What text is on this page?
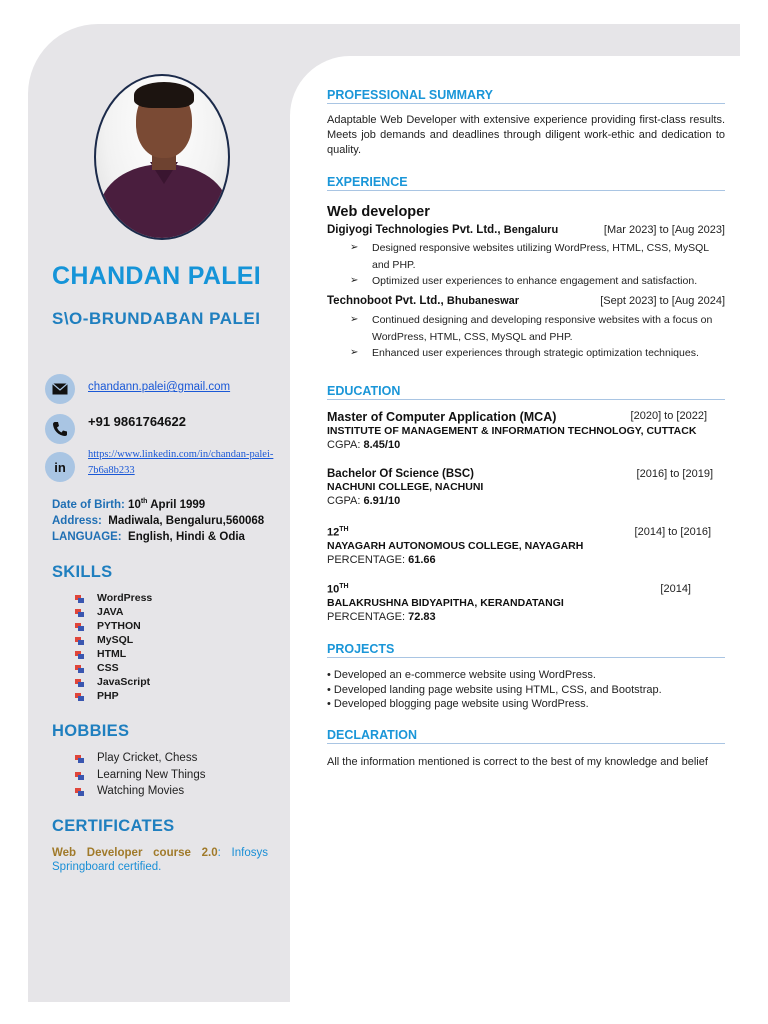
CHANDAN PALEI
S\O-BRUNDABAN PALEI
chandann.palei@gmail.com
+91 9861764622
in
https://www.linkedin.com/in/chandan-palei-7b6a8b233
Date of Birth: 10th April 1999
Address: Madiwala, Bengaluru,560068
LANGUAGE: English, Hindi & Odia
SKILLS
WordPress
JAVA
PYTHON
MySQL
HTML
CSS
JavaScript
PHP
HOBBIES
Play Cricket, Chess
Learning New Things
Watching Movies
CERTIFICATES
Web Developer course 2.0: Infosys Springboard certified.
PROFESSIONAL SUMMARY
Adaptable Web Developer with extensive experience providing first-class results. Meets job demands and deadlines through diligent work-ethic and dedication to quality.
EXPERIENCE
Web developer
Digiyogi Technologies Pvt. Ltd., Bengaluru	[Mar 2023] to [Aug 2023]
➢	Designed responsive websites utilizing WordPress, HTML, CSS, MySQL and PHP.
➢	Optimized user experiences to enhance engagement and satisfaction.
Technoboot Pvt. Ltd., Bhubaneswar	[Sept 2023] to [Aug 2024]
➢	Continued designing and developing responsive websites with a focus on WordPress, HTML, CSS, MySQL and PHP.
➢	Enhanced user experiences through strategic optimization techniques.
EDUCATION
Master of Computer Application (MCA)	[2020] to [2022]
INSTITUTE OF MANAGEMENT & INFORMATION TECHNOLOGY, CUTTACK
CGPA: 8.45/10
Bachelor Of Science (BSC)	[2016] to [2019]
NACHUNI COLLEGE, NACHUNI
CGPA: 6.91/10
12TH	[2014] to [2016]
NAYAGARH AUTONOMOUS COLLEGE, NAYAGARH
PERCENTAGE: 61.66
10TH	[2014]
BALAKRUSHNA BIDYAPITHA, KERANDATANGI
PERCENTAGE: 72.83
PROJECTS
• Developed an e-commerce website using WordPress.
• Developed landing page website using HTML, CSS, and Bootstrap.
• Developed blogging page website using WordPress.
DECLARATION
All the information mentioned is correct to the best of my knowledge and belief
